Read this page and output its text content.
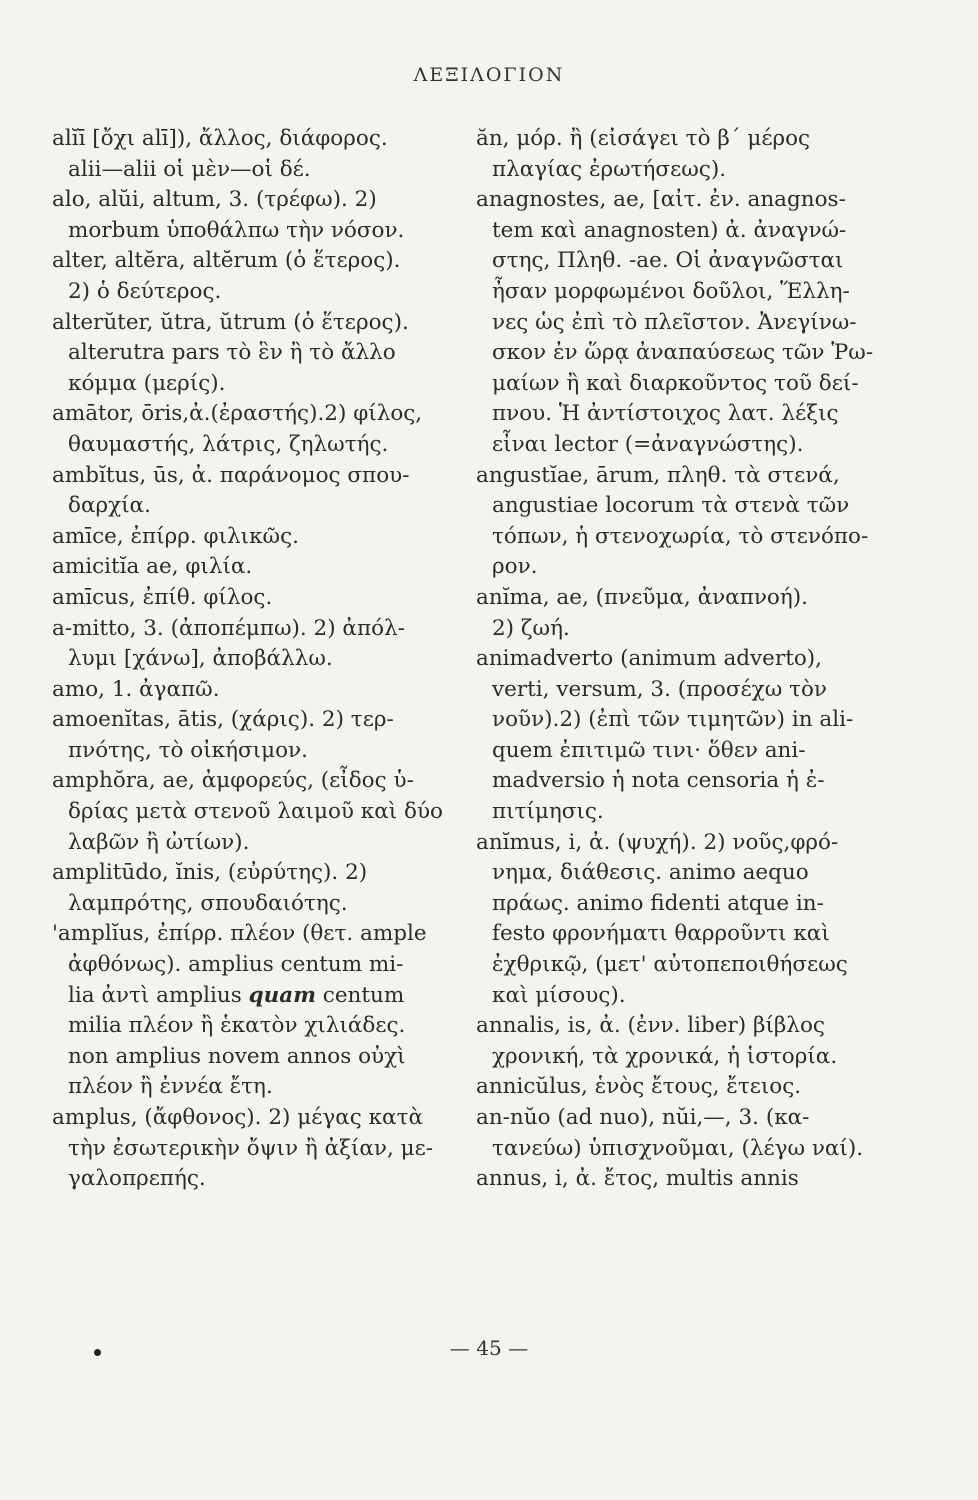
ΛΕΞΙΛΟΓΙΟΝ
alĭī [ὄχι alī]), ἄλλος, διάφορος.
alii—alii οἱ μὲν—οἱ δέ.
alo, alŭi, altum, 3. (τρέφω). 2)
morbum ὑποθάλπω τὴν νόσον.
alter, altĕra, altĕrum (ὁ ἕτερος).
2) ὁ δεύτερος.
alterŭter, ŭtra, ŭtrum (ὁ ἕτερος).
alterutra pars τὸ ἓν ἢ τὸ ἄλλο
κόμμα (μερίς).
amātor, ōris,ἀ.(ἐραστής).2) φίλος,
θαυμαστής, λάτρις, ζηλωτής.
ambĭtus, ūs, ἀ. παράνομος σπου-
δαρχία.
amīce, ἐπίρρ. φιλικῶς.
amicitĭa ae, φιλία.
amīcus, ἐπίθ. φίλος.
a-mitto, 3. (ἀποπέμπω). 2) ἀπόλ-
λυμι [χάνω], ἀποβάλλω.
amo, 1. ἀγαπῶ.
amoenĭtas, ātis, (χάρις). 2) τερ-
πνότης, τὸ οἰκήσιμον.
amphŏra, ae, ἀμφορεύς, (εἶδος ὑ-
δρίας μετὰ στενοῦ λαιμοῦ καὶ δύο
λαβῶν ἢ ὠτίων).
amplitūdo, ĭnis, (εὐρύτης). 2)
λαμπρότης, σπουδαιότης.
'amplĭus, ἐπίρρ. πλέον (θετ. ample
ἀφθόνως). amplius centum mi-
lia ἀντὶ amplius quam centum
milia πλέον ἢ ἑκατὸν χιλιάδες.
non amplius novem annos οὐχὶ
πλέον ἢ ἐννέα ἔτη.
amplus, (ἄφθονος). 2) μέγας κατὰ
τὴν ἐσωτερικὴν ὄψιν ἢ ἀξίαν, με-
γαλοπρεπής.
ăn, μόρ. ἢ (εἰσάγει τὸ β΄ μέρος
πλαγίας ἐρωτήσεως).
anagnostes, ae, [αἰτ. ἐν. anagnos-
tem καὶ anagnosten) ἀ. ἀναγνώ-
στης, Πληθ. -ae. Οἱ ἀναγνῶσται
ἦσαν μορφωμένοι δοῦλοι, Ἕλλη-
νες ὡς ἐπὶ τὸ πλεῖστον. Ἀνεγίνω-
σκον ἐν ὥρᾳ ἀναπαύσεως τῶν Ῥω-
μαίων ἢ καὶ διαρκοῦντος τοῦ δεί-
πνου. Ἡ ἀντίστοιχος λατ. λέξις
εἶναι lector (=ἀναγνώστης).
angustĭae, ārum, πληθ. τὰ στενά,
angustiae locorum τὰ στενὰ τῶν
τόπων, ἡ στενοχωρία, τὸ στενόπο-
ρον.
anĭma, ae, (πνεῦμα, ἀναπνοή).
2) ζωή.
animadverto (animum adverto),
verti, versum, 3. (προσέχω τὸν
νοῦν).2) (ἐπὶ τῶν τιμητῶν) in ali-
quem ἐπιτιμῶ τινι· ὅθεν ani-
madversio ἡ nota censoria ἡ ἐ-
πιτίμησις.
anĭmus, i, ἀ. (ψυχή). 2) νοῦς,φρό-
νημα, διάθεσις. animo aequo
πράως. animo fidenti atque in-
festo φρονήματι θαρροῦντι καὶ
ἐχθρικῷ, (μετ' αὐτοπεποιθήσεως
καὶ μίσους).
annalis, is, ἀ. (ἐνν. liber) βίβλος
χρονική, τὰ χρονικά, ἡ ἱστορία.
annicŭlus, ἑνὸς ἔτους, ἔτειος.
an-nŭo (ad nuo), nŭi,—, 3. (κα-
τανεύω) ὑπισχνοῦμαι, (λέγω ναί).
annus, i, ἀ. ἔτος, multis annis
— 45 —
